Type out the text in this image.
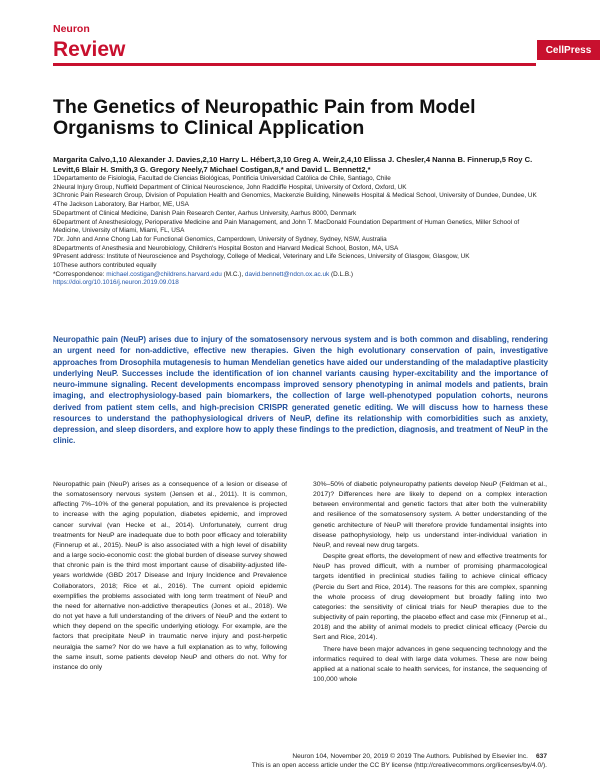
Neuron
Review	CellPress
The Genetics of Neuropathic Pain from Model Organisms to Clinical Application
Margarita Calvo,1,10 Alexander J. Davies,2,10 Harry L. Hébert,3,10 Greg A. Weir,2,4,10 Elissa J. Chesler,4 Nanna B. Finnerup,5 Roy C. Levitt,6 Blair H. Smith,3 G. Gregory Neely,7 Michael Costigan,8,* and David L. Bennett2,*

1Departamento de Fisiologia, Facultad de Ciencias Biológicas, Pontificia Universidad Católica de Chile, Santiago, Chile

2Neural Injury Group, Nuffield Department of Clinical Neuroscience, John Radcliffe Hospital, University of Oxford, Oxford, UK

3Chronic Pain Research Group, Division of Population Health and Genomics, Mackenzie Building, Ninewells Hospital & Medical School, University of Dundee, Dundee, UK

4The Jackson Laboratory, Bar Harbor, ME, USA

5Department of Clinical Medicine, Danish Pain Research Center, Aarhus University, Aarhus 8000, Denmark

6Department of Anesthesiology, Perioperative Medicine and Pain Management, and John T. MacDonald Foundation Department of Human Genetics, Miller School of Medicine, University of Miami, Miami, FL, USA

7Dr. John and Anne Chong Lab for Functional Genomics, Camperdown, University of Sydney, Sydney, NSW, Australia

8Departments of Anesthesia and Neurobiology, Children's Hospital Boston and Harvard Medical School, Boston, MA, USA

9Present address: Institute of Neuroscience and Psychology, College of Medical, Veterinary and Life Sciences, University of Glasgow, Glasgow, UK

10These authors contributed equally

*Correspondence: michael.costigan@childrens.harvard.edu (M.C.), david.bennett@ndcn.ox.ac.uk (D.L.B.)

https://doi.org/10.1016/j.neuron.2019.09.018

Neuropathic pain (NeuP) arises due to injury of the somatosensory nervous system and is both common and disabling, rendering an urgent need for non-addictive, effective new therapies. Given the high evolutionary conservation of pain, investigative approaches from Drosophila mutagenesis to human Mendelian genetics have aided our understanding of the maladaptive plasticity underlying NeuP. Successes include the identification of ion channel variants causing hyper-excitability and the importance of neuro-immune signaling. Recent developments encompass improved sensory phenotyping in animal models and patients, brain imaging, and electrophysiology-based pain biomarkers, the collection of large well-phenotyped population cohorts, neurons derived from patient stem cells, and high-precision CRISPR generated genetic editing. We will discuss how to harness these resources to understand the pathophysiological drivers of NeuP, define its relationship with comorbidities such as anxiety, depression, and sleep disorders, and explore how to apply these findings to the prediction, diagnosis, and treatment of NeuP in the clinic.

Neuropathic pain (NeuP) arises as a consequence of a lesion or disease of the somatosensory nervous system (Jensen et al., 2011). It is common, affecting 7%–10% of the general population, and its prevalence is projected to increase with the aging population, diabetes epidemic, and improved cancer survival (van Hecke et al., 2014). Unfortunately, current drug treatments for NeuP are inadequate due to both poor efficacy and tolerability (Finnerup et al., 2015). NeuP is also associated with a high level of disability and a large socio-economic cost: the global burden of disease survey showed that chronic pain is the third most important cause of disability-adjusted life-years worldwide (GBD 2017 Disease and Injury Incidence and Prevalence Collaborators, 2018; Rice et al., 2016). The current opioid epidemic exemplifies the problems associated with long term treatment of NeuP and the need for alternative non-addictive therapeutics (Jones et al., 2018). We do not yet have a full understanding of the drivers of NeuP and the extent to which they depend on the specific underlying etiology. For example, are the factors that precipitate NeuP in traumatic nerve injury and post-herpetic neuralgia the same? Nor do we have a full explanation as to why, following the same insult, some patients develop NeuP and others do not. Why for instance do only

30%–50% of diabetic polyneuropathy patients develop NeuP (Feldman et al., 2017)? Differences here are likely to depend on a complex interaction between environmental and genetic factors that alter both the vulnerability and resilience of the somatosensory system. A better understanding of the genetic architecture of NeuP will therefore provide fundamental insights into disease pathophysiology, help us understand inter-individual variation in NeuP, and reveal new drug targets.

Despite great efforts, the development of new and effective treatments for NeuP has proved difficult, with a number of promising pharmacological targets identified in preclinical studies failing to achieve clinical efficacy (Percie du Sert and Rice, 2014). The reasons for this are complex, spanning the whole process of drug development but broadly falling into two categories: the sensitivity of clinical trials for NeuP therapies due to the subjectivity of pain reporting, the placebo effect and case mix (Finnerup et al., 2018) and the ability of animal models to predict clinical efficacy (Percie du Sert and Rice, 2014).

There have been major advances in gene sequencing technology and the informatics required to deal with large data volumes. These are now being applied at a national scale to health services, for instance, the sequencing of 100,000 whole

Neuron 104, November 20, 2019 © 2019 The Authors. Published by Elsevier Inc. 637
This is an open access article under the CC BY license (http://creativecommons.org/licenses/by/4.0/).
